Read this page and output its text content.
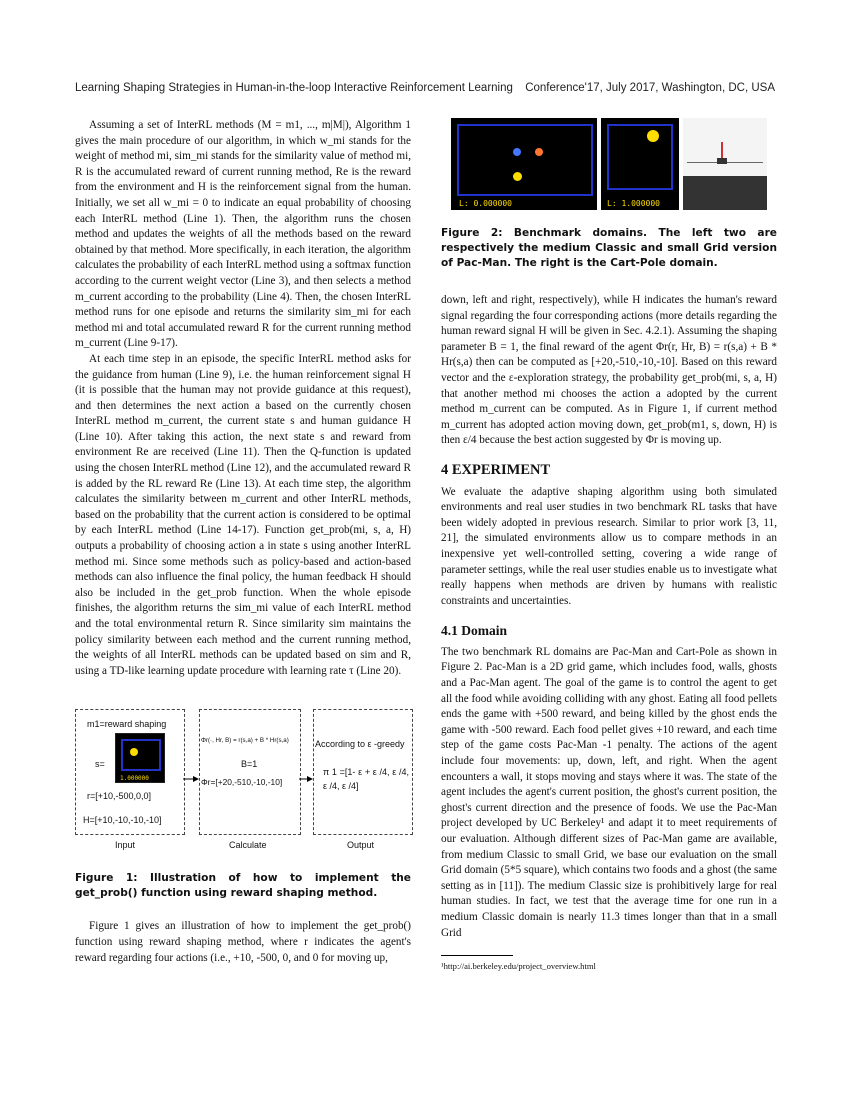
Learning Shaping Strategies in Human-in-the-loop Interactive Reinforcement Learning Conference'17, July 2017, Washington, DC, USA

Assuming a set of InterRL methods (M = m1, ..., m|M|), Algorithm 1 gives the main procedure of our algorithm, in which w_mi stands for the weight of method mi, sim_mi stands for the similarity value of method mi, R is the accumulated reward of current running method, Re is the reward from the environment and H is the reinforcement signal from the human. Initially, we set all w_mi = 0 to indicate an equal probability of choosing each InterRL method (Line 1). Then, the algorithm runs the chosen method and updates the weights of all the methods based on the reward obtained by that method. More specifically, in each iteration, the algorithm calculates the probability of each InterRL method using a softmax function according to the current weight vector (Line 3), and then selects a method m_current according to the probability (Line 4). Then, the chosen InterRL method runs for one episode and returns the similarity sim_mi for each method mi and total accumulated reward R for the current running method m_current (Line 9-17).

At each time step in an episode, the specific InterRL method asks for the guidance from human (Line 9), i.e. the human reinforcement signal H (it is possible that the human may not provide guidance at this request), and then determines the next action a based on the currently chosen InterRL method m_current, the current state s and human guidance H (Line 10). After taking this action, the next state s and reward from environment Re are received (Line 11). Then the Q-function is updated using the chosen InterRL method (Line 12), and the accumulated reward R is added by the RL reward Re (Line 13). At each time step, the algorithm calculates the similarity between m_current and other InterRL methods, based on the probability that the current action is considered to be optimal by each InterRL method (Line 14-17). Function get_prob(mi, s, a, H) outputs a probability of choosing action a in state s using another InterRL method mi. Since some methods such as policy-based and action-based methods can also influence the final policy, the human feedback H should also be included in the get_prob function. When the whole episode finishes, the algorithm returns the sim_mi value of each InterRL method and the total environmental return R. Since similarity sim maintains the policy similarity between each method and the current running method, the weights of all InterRL methods can be updated based on sim and R, using a TD-like learning update procedure with learning rate τ (Line 20).

m1=reward shaping
s=
1.000000
r=[+10,-500,0,0]
H=[+10,-10,-10,-10]
Φr(·, Hr, B) = r(s,a) + B * Hr(s,a)
B=1
Φr=[+20,-510,-10,-10]
According to ε -greedy
π 1 =[1- ε + ε /4, ε /4, ε /4, ε /4]
Input	Calculate	Output
Figure 1: Illustration of how to implement the get_prob() function using reward shaping method.

Figure 1 gives an illustration of how to implement the get_prob() function using reward shaping method, where r indicates the agent's reward regarding four actions (i.e., +10, -500, 0, and 0 for moving up,

L: 0.000000	L: 1.000000
Figure 2: Benchmark domains. The left two are respectively the medium Classic and small Grid version of Pac-Man. The right is the Cart-Pole domain.

down, left and right, respectively), while H indicates the human's reward signal regarding the four corresponding actions (more details regarding the human reward signal H will be given in Sec. 4.2.1). Assuming the shaping parameter B = 1, the final reward of the agent Φr(r, Hr, B) = r(s,a) + B * Hr(s,a) then can be computed as [+20,-510,-10,-10]. Based on this reward vector and the ε-exploration strategy, the probability get_prob(mi, s, a, H) that another method mi chooses the action a adopted by the current method m_current can be computed. As in Figure 1, if current method m_current has adopted action moving down, get_prob(m1, s, down, H) is then ε/4 because the best action suggested by Φr is moving up.

4 EXPERIMENT

We evaluate the adaptive shaping algorithm using both simulated environments and real user studies in two benchmark RL tasks that have been widely adopted in previous research. Similar to prior work [3, 11, 21], the simulated environments allow us to compare methods in an inexpensive yet well-controlled setting, covering a wide range of parameter settings, while the real user studies enable us to investigate what really happens when methods are driven by humans with realistic constraints and uncertainties.

4.1 Domain

The two benchmark RL domains are Pac-Man and Cart-Pole as shown in Figure 2. Pac-Man is a 2D grid game, which includes food, walls, ghosts and a Pac-Man agent. The goal of the game is to control the agent to get all the food while avoiding colliding with any ghost. Eating all food pellets ends the game with +500 reward, and being killed by the ghost ends the game with -500 reward. Each food pellet gives +10 reward, and each time step of the game costs Pac-Man -1 penalty. The actions of the agent include four movements: up, down, left, and right. When the agent encounters a wall, it stops moving and stays where it was. The state of the agent includes the agent's current position, the ghost's current position, the ghost's current direction and the presence of foods. We use the Pac-Man project developed by UC Berkeley¹ and adapt it to meet requirements of our evaluation. Although different sizes of Pac-Man game are available, from medium Classic to small Grid, we base our evaluation on the small Grid domain (5*5 square), which contains two foods and a ghost (the same setting as in [11]). The medium Classic size is prohibitively large for real human studies. In fact, we test that the average time for one run in a medium Classic domain is nearly 11.3 times longer than that in a small Grid

¹http://ai.berkeley.edu/project_overview.html
